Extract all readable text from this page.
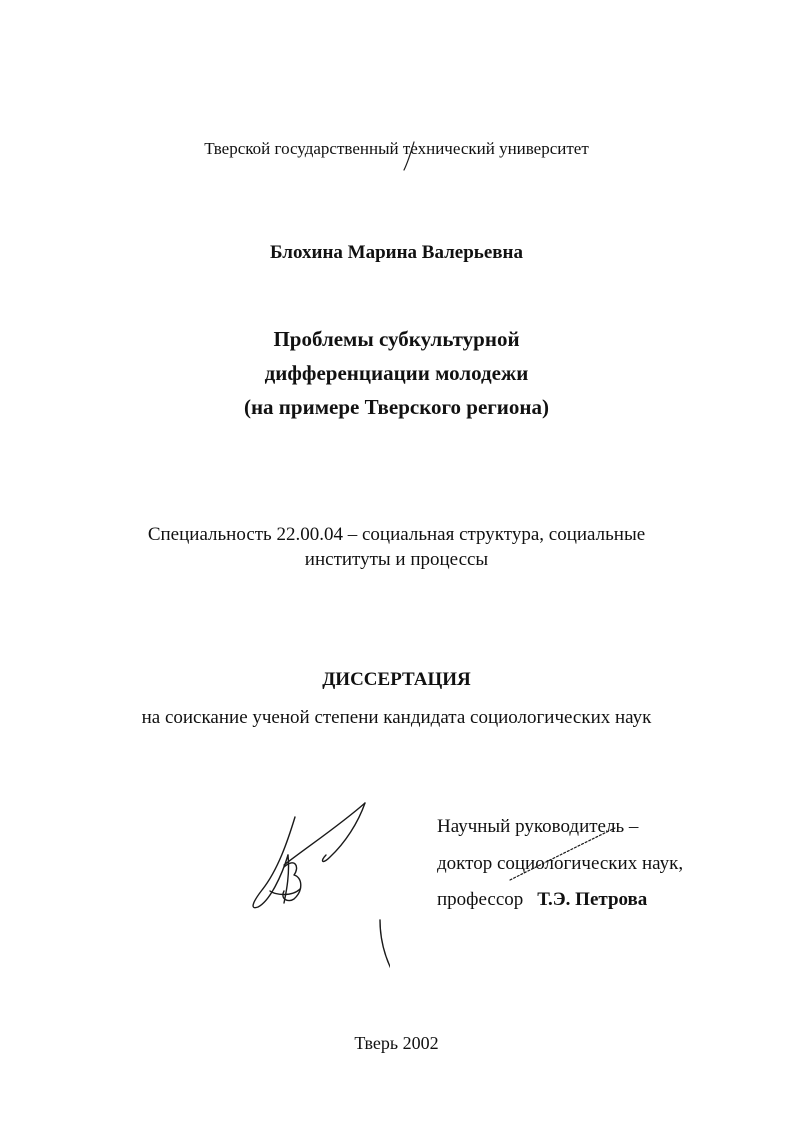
Тверской государственный технический университет
Блохина Марина Валерьевна
Проблемы субкультурной
дифференциации молодежи
(на примере Тверского региона)
Специальность 22.00.04 – социальная структура, социальные
институты и процессы
ДИССЕРТАЦИЯ
на соискание ученой степени кандидата социологических наук
Научный руководитель –
доктор социологических наук,
профессор Т.Э. Петрова
Тверь 2002
